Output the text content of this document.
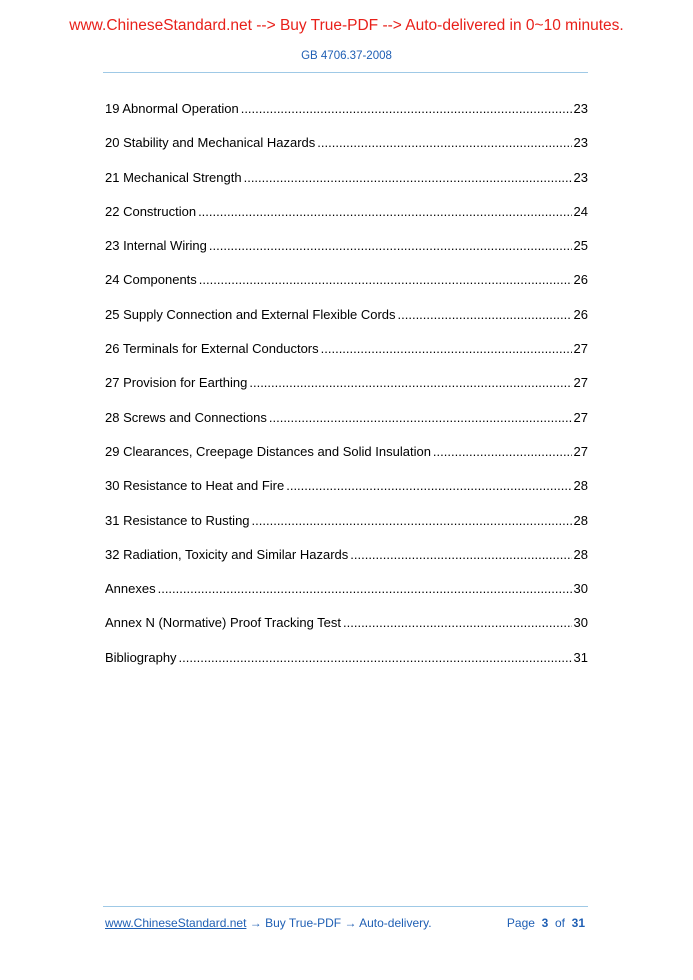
www.ChineseStandard.net --> Buy True-PDF --> Auto-delivered in 0~10 minutes.
GB 4706.37-2008
19 Abnormal Operation .....	23
20 Stability and Mechanical Hazards .....	23
21 Mechanical Strength .....	23
22 Construction .....	24
23 Internal Wiring .....	25
24 Components .....	26
25 Supply Connection and External Flexible Cords .....	26
26 Terminals for External Conductors .....	27
27 Provision for Earthing .....	27
28 Screws and Connections .....	27
29 Clearances, Creepage Distances and Solid Insulation .....	27
30 Resistance to Heat and Fire .....	28
31 Resistance to Rusting .....	28
32 Radiation, Toxicity and Similar Hazards .....	28
Annexes .....	30
Annex N (Normative) Proof Tracking Test .....	30
Bibliography .....	31
www.ChineseStandard.net → Buy True-PDF → Auto-delivery.	Page 3 of 31
